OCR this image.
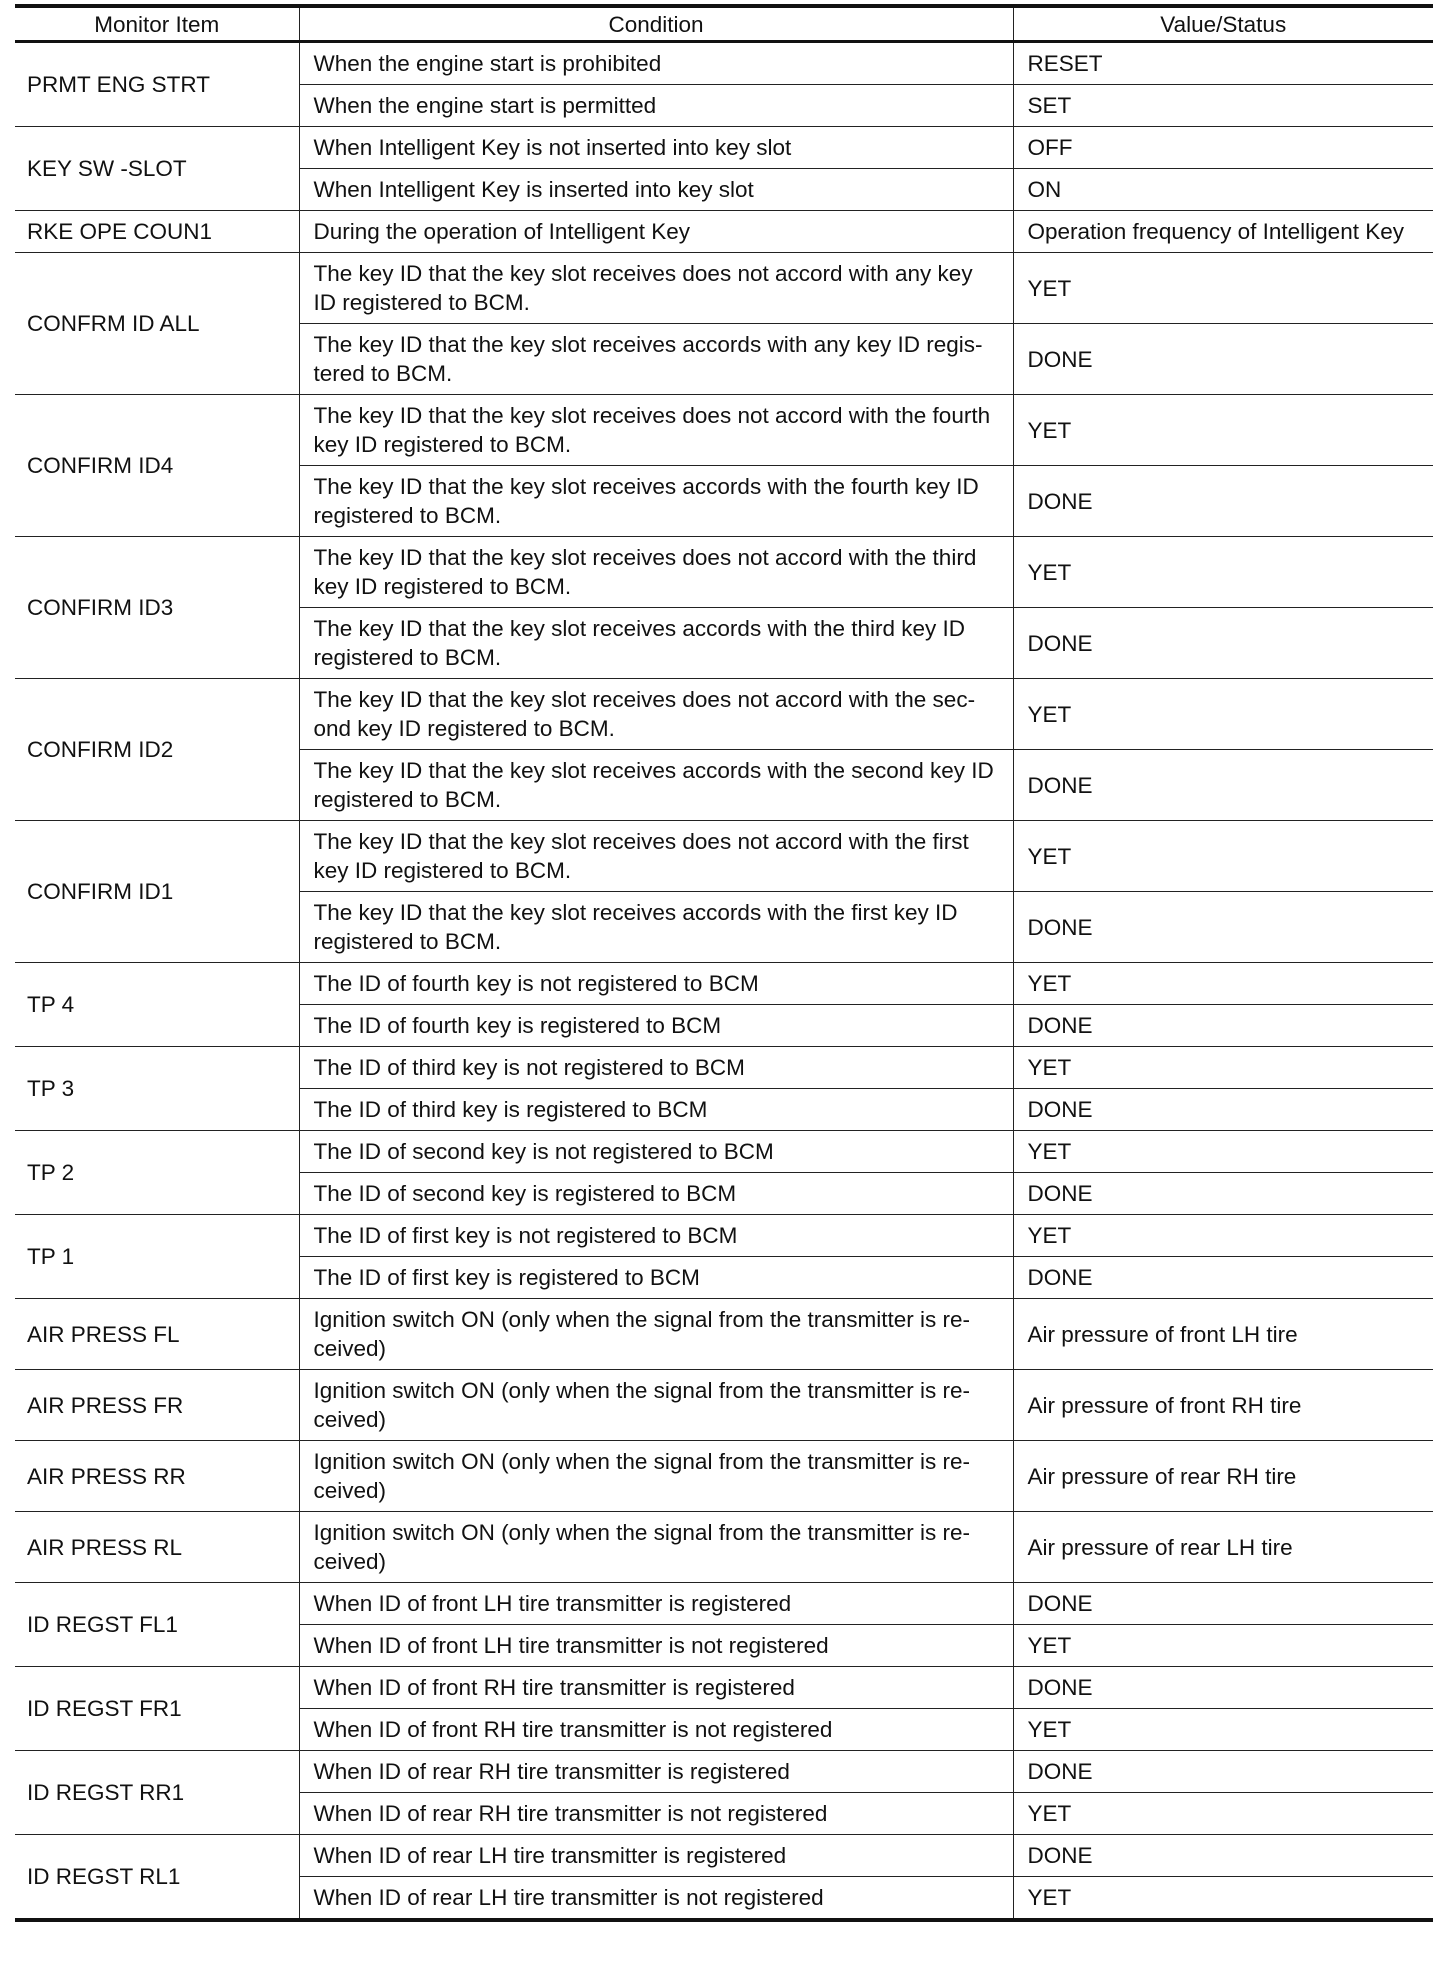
Monitor Item	Condition	Value/Status
PRMT ENG STRT	When the engine start is prohibited	RESET
	When the engine start is permitted	SET
KEY SW -SLOT	When Intelligent Key is not inserted into key slot	OFF
	When Intelligent Key is inserted into key slot	ON
RKE OPE COUN1	During the operation of Intelligent Key	Operation frequency of Intelligent Key
CONFRM ID ALL	The key ID that the key slot receives does not accord with any key ID registered to BCM.	YET
	The key ID that the key slot receives accords with any key ID regis-tered to BCM.	DONE
CONFIRM ID4	The key ID that the key slot receives does not accord with the fourth key ID registered to BCM.	YET
	The key ID that the key slot receives accords with the fourth key ID registered to BCM.	DONE
CONFIRM ID3	The key ID that the key slot receives does not accord with the third key ID registered to BCM.	YET
	The key ID that the key slot receives accords with the third key ID registered to BCM.	DONE
CONFIRM ID2	The key ID that the key slot receives does not accord with the sec-ond key ID registered to BCM.	YET
	The key ID that the key slot receives accords with the second key ID registered to BCM.	DONE
CONFIRM ID1	The key ID that the key slot receives does not accord with the first key ID registered to BCM.	YET
	The key ID that the key slot receives accords with the first key ID registered to BCM.	DONE
TP 4	The ID of fourth key is not registered to BCM	YET
	The ID of fourth key is registered to BCM	DONE
TP 3	The ID of third key is not registered to BCM	YET
	The ID of third key is registered to BCM	DONE
TP 2	The ID of second key is not registered to BCM	YET
	The ID of second key is registered to BCM	DONE
TP 1	The ID of first key is not registered to BCM	YET
	The ID of first key is registered to BCM	DONE
AIR PRESS FL	Ignition switch ON (only when the signal from the transmitter is re-ceived)	Air pressure of front LH tire
AIR PRESS FR	Ignition switch ON (only when the signal from the transmitter is re-ceived)	Air pressure of front RH tire
AIR PRESS RR	Ignition switch ON (only when the signal from the transmitter is re-ceived)	Air pressure of rear RH tire
AIR PRESS RL	Ignition switch ON (only when the signal from the transmitter is re-ceived)	Air pressure of rear LH tire
ID REGST FL1	When ID of front LH tire transmitter is registered	DONE
	When ID of front LH tire transmitter is not registered	YET
ID REGST FR1	When ID of front RH tire transmitter is registered	DONE
	When ID of front RH tire transmitter is not registered	YET
ID REGST RR1	When ID of rear RH tire transmitter is registered	DONE
	When ID of rear RH tire transmitter is not registered	YET
ID REGST RL1	When ID of rear LH tire transmitter is registered	DONE
	When ID of rear LH tire transmitter is not registered	YET
